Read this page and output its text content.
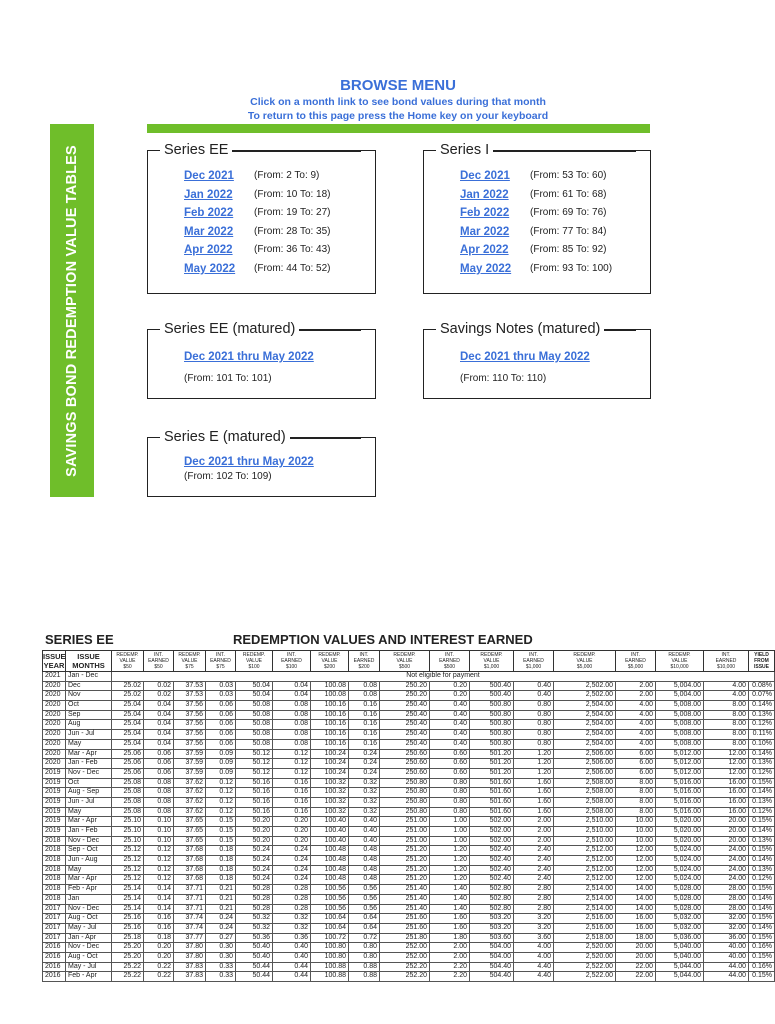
SAVINGS BOND REDEMPTION VALUE TABLES
BROWSE MENU
Click on a month link to see bond values during that month
To return to this page press the Home key on your keyboard
Series EE
Dec 2021	(From: 2 To: 9)
Jan 2022	(From: 10 To: 18)
Feb 2022	(From: 19 To: 27)
Mar 2022	(From: 28 To: 35)
Apr 2022	(From: 36 To: 43)
May 2022	(From: 44 To: 52)
Series I
Dec 2021	(From: 53 To: 60)
Jan 2022	(From: 61 To: 68)
Feb 2022	(From: 69 To: 76)
Mar 2022	(From: 77 To: 84)
Apr 2022	(From: 85 To: 92)
May 2022	(From: 93 To: 100)
Series EE (matured)
Dec 2021 thru May 2022
(From: 101 To: 101)
Savings Notes (matured)
Dec 2021 thru May 2022
(From: 110 To: 110)
Series E (matured)
Dec 2021 thru May 2022
(From: 102 To: 109)
SERIES EE	REDEMPTION VALUES AND INTEREST EARNED
ISSUE
YEAR	ISSUE
MONTHS	REDEMP.
VALUE
$50	INT.
EARNED
$50	REDEMP.
VALUE
$75	INT.
EARNED
$75	REDEMP.
VALUE
$100	INT.
EARNED
$100	REDEMP.
VALUE
$200	INT.
EARNED
$200	REDEMP.
VALUE
$500	INT.
EARNED
$500	REDEMP.
VALUE
$1,000	INT.
EARNED
$1,000	REDEMP.
VALUE
$5,000	INT.
EARNED
$5,000	REDEMP.
VALUE
$10,000	INT.
EARNED
$10,000	YIELD
FROM
ISSUE
2021	Jan - Dec	Not eligible for payment																
2020	Dec	25.02	0.02	37.53	0.03	50.04	0.04	100.08	0.08	250.20	0.20	500.40	0.40	2,502.00	2.00	5,004.00	4.00	0.08%
2020	Nov	25.02	0.02	37.53	0.03	50.04	0.04	100.08	0.08	250.20	0.20	500.40	0.40	2,502.00	2.00	5,004.00	4.00	0.07%
2020	Oct	25.04	0.04	37.56	0.06	50.08	0.08	100.16	0.16	250.40	0.40	500.80	0.80	2,504.00	4.00	5,008.00	8.00	0.14%
2020	Sep	25.04	0.04	37.56	0.06	50.08	0.08	100.16	0.16	250.40	0.40	500.80	0.80	2,504.00	4.00	5,008.00	8.00	0.13%
2020	Aug	25.04	0.04	37.56	0.06	50.08	0.08	100.16	0.16	250.40	0.40	500.80	0.80	2,504.00	4.00	5,008.00	8.00	0.12%
2020	Jun - Jul	25.04	0.04	37.56	0.06	50.08	0.08	100.16	0.16	250.40	0.40	500.80	0.80	2,504.00	4.00	5,008.00	8.00	0.11%
2020	May	25.04	0.04	37.56	0.06	50.08	0.08	100.16	0.16	250.40	0.40	500.80	0.80	2,504.00	4.00	5,008.00	8.00	0.10%
2020	Mar - Apr	25.06	0.06	37.59	0.09	50.12	0.12	100.24	0.24	250.60	0.60	501.20	1.20	2,506.00	6.00	5,012.00	12.00	0.14%
2020	Jan - Feb	25.06	0.06	37.59	0.09	50.12	0.12	100.24	0.24	250.60	0.60	501.20	1.20	2,506.00	6.00	5,012.00	12.00	0.13%
2019	Nov - Dec	25.06	0.06	37.59	0.09	50.12	0.12	100.24	0.24	250.60	0.60	501.20	1.20	2,506.00	6.00	5,012.00	12.00	0.12%
2019	Oct	25.08	0.08	37.62	0.12	50.16	0.16	100.32	0.32	250.80	0.80	501.60	1.60	2,508.00	8.00	5,016.00	16.00	0.15%
2019	Aug - Sep	25.08	0.08	37.62	0.12	50.16	0.16	100.32	0.32	250.80	0.80	501.60	1.60	2,508.00	8.00	5,016.00	16.00	0.14%
2019	Jun - Jul	25.08	0.08	37.62	0.12	50.16	0.16	100.32	0.32	250.80	0.80	501.60	1.60	2,508.00	8.00	5,016.00	16.00	0.13%
2019	May	25.08	0.08	37.62	0.12	50.16	0.16	100.32	0.32	250.80	0.80	501.60	1.60	2,508.00	8.00	5,016.00	16.00	0.12%
2019	Mar - Apr	25.10	0.10	37.65	0.15	50.20	0.20	100.40	0.40	251.00	1.00	502.00	2.00	2,510.00	10.00	5,020.00	20.00	0.15%
2019	Jan - Feb	25.10	0.10	37.65	0.15	50.20	0.20	100.40	0.40	251.00	1.00	502.00	2.00	2,510.00	10.00	5,020.00	20.00	0.14%
2018	Nov - Dec	25.10	0.10	37.65	0.15	50.20	0.20	100.40	0.40	251.00	1.00	502.00	2.00	2,510.00	10.00	5,020.00	20.00	0.13%
2018	Sep - Oct	25.12	0.12	37.68	0.18	50.24	0.24	100.48	0.48	251.20	1.20	502.40	2.40	2,512.00	12.00	5,024.00	24.00	0.15%
2018	Jun - Aug	25.12	0.12	37.68	0.18	50.24	0.24	100.48	0.48	251.20	1.20	502.40	2.40	2,512.00	12.00	5,024.00	24.00	0.14%
2018	May	25.12	0.12	37.68	0.18	50.24	0.24	100.48	0.48	251.20	1.20	502.40	2.40	2,512.00	12.00	5,024.00	24.00	0.13%
2018	Mar - Apr	25.12	0.12	37.68	0.18	50.24	0.24	100.48	0.48	251.20	1.20	502.40	2.40	2,512.00	12.00	5,024.00	24.00	0.12%
2018	Feb - Apr	25.14	0.14	37.71	0.21	50.28	0.28	100.56	0.56	251.40	1.40	502.80	2.80	2,514.00	14.00	5,028.00	28.00	0.15%
2018	Jan	25.14	0.14	37.71	0.21	50.28	0.28	100.56	0.56	251.40	1.40	502.80	2.80	2,514.00	14.00	5,028.00	28.00	0.14%
2017	Nov - Dec	25.14	0.14	37.71	0.21	50.28	0.28	100.56	0.56	251.40	1.40	502.80	2.80	2,514.00	14.00	5,028.00	28.00	0.14%
2017	Aug - Oct	25.16	0.16	37.74	0.24	50.32	0.32	100.64	0.64	251.60	1.60	503.20	3.20	2,516.00	16.00	5,032.00	32.00	0.15%
2017	May - Jul	25.16	0.16	37.74	0.24	50.32	0.32	100.64	0.64	251.60	1.60	503.20	3.20	2,516.00	16.00	5,032.00	32.00	0.14%
2017	Jan - Apr	25.18	0.18	37.77	0.27	50.36	0.36	100.72	0.72	251.80	1.80	503.60	3.60	2,518.00	18.00	5,036.00	36.00	0.15%
2016	Nov - Dec	25.20	0.20	37.80	0.30	50.40	0.40	100.80	0.80	252.00	2.00	504.00	4.00	2,520.00	20.00	5,040.00	40.00	0.16%
2016	Aug - Oct	25.20	0.20	37.80	0.30	50.40	0.40	100.80	0.80	252.00	2.00	504.00	4.00	2,520.00	20.00	5,040.00	40.00	0.15%
2016	May - Jul	25.22	0.22	37.83	0.33	50.44	0.44	100.88	0.88	252.20	2.20	504.40	4.40	2,522.00	22.00	5,044.00	44.00	0.16%
2016	Feb - Apr	25.22	0.22	37.83	0.33	50.44	0.44	100.88	0.88	252.20	2.20	504.40	4.40	2,522.00	22.00	5,044.00	44.00	0.15%
